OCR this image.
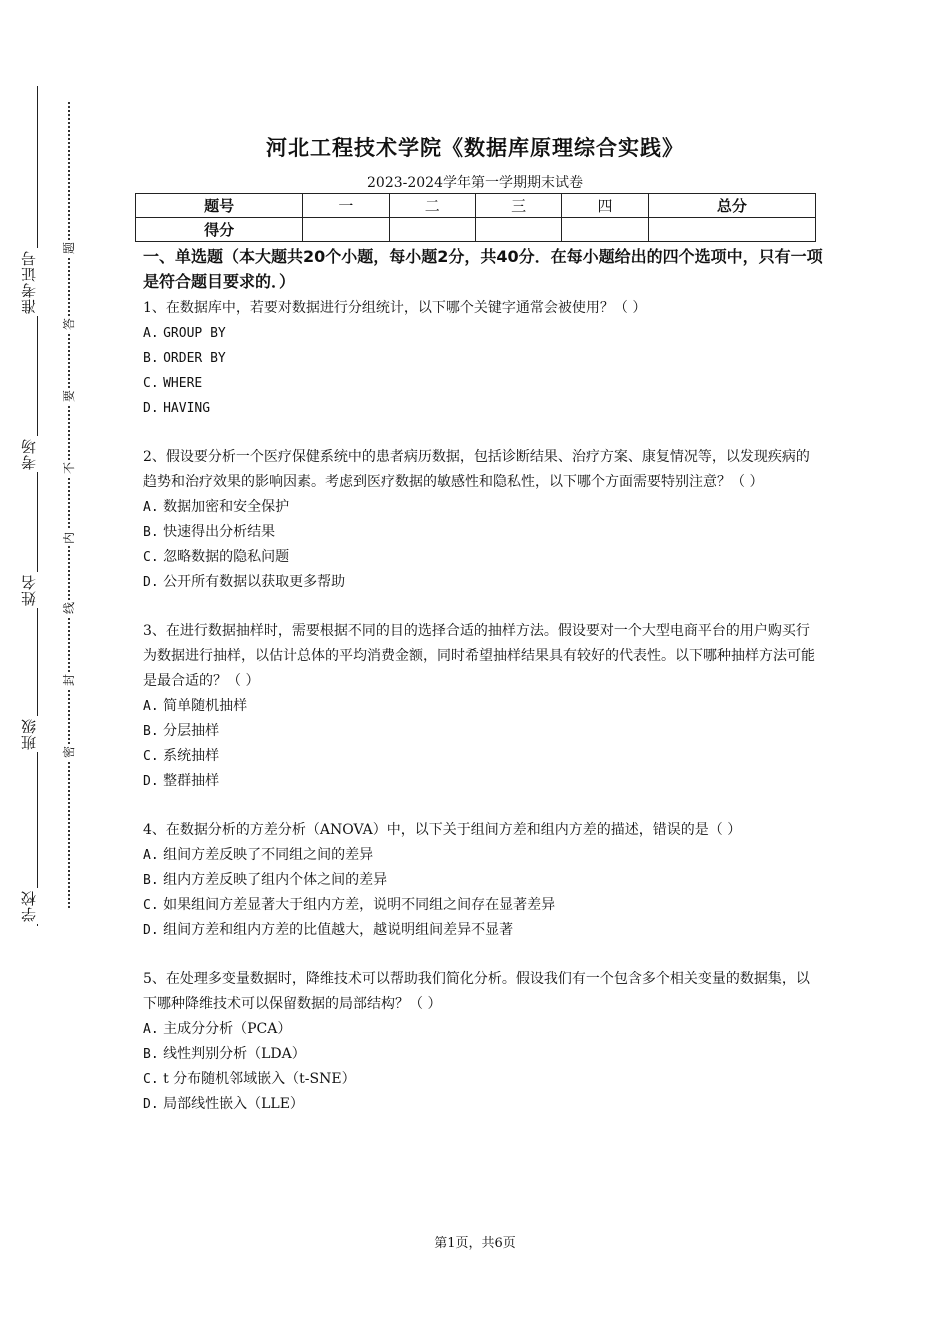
准考证号
考场
姓名
班级
学校
题
答
要
不
内
线
封
密
河北工程技术学院《数据库原理综合实践》
2023-2024学年第一学期期末试卷
题号	一	二	三	四	总分
得分					

一、单选题（本大题共20个小题，每小题2分，共40分．在每小题给出的四个选项中，只有一项是符合题目要求的．）

1、在数据库中，若要对数据进行分组统计，以下哪个关键字通常会被使用？（ ）

A. GROUP BY

B. ORDER BY

C. WHERE

D. HAVING

2、假设要分析一个医疗保健系统中的患者病历数据，包括诊断结果、治疗方案、康复情况等，以发现疾病的趋势和治疗效果的影响因素。考虑到医疗数据的敏感性和隐私性，以下哪个方面需要特别注意？（ ）

A. 数据加密和安全保护

B. 快速得出分析结果

C. 忽略数据的隐私问题

D. 公开所有数据以获取更多帮助

3、在进行数据抽样时，需要根据不同的目的选择合适的抽样方法。假设要对一个大型电商平台的用户购买行为数据进行抽样，以估计总体的平均消费金额，同时希望抽样结果具有较好的代表性。以下哪种抽样方法可能是最合适的？（ ）

A. 简单随机抽样

B. 分层抽样

C. 系统抽样

D. 整群抽样

4、在数据分析的方差分析（ANOVA）中，以下关于组间方差和组内方差的描述，错误的是（ ）

A. 组间方差反映了不同组之间的差异

B. 组内方差反映了组内个体之间的差异

C. 如果组间方差显著大于组内方差，说明不同组之间存在显著差异

D. 组间方差和组内方差的比值越大，越说明组间差异不显著

5、在处理多变量数据时，降维技术可以帮助我们简化分析。假设我们有一个包含多个相关变量的数据集，以下哪种降维技术可以保留数据的局部结构？（ ）

A. 主成分分析（PCA）

B. 线性判别分析（LDA）

C. t 分布随机邻域嵌入（t-SNE）

D. 局部线性嵌入（LLE）

第1页，共6页
